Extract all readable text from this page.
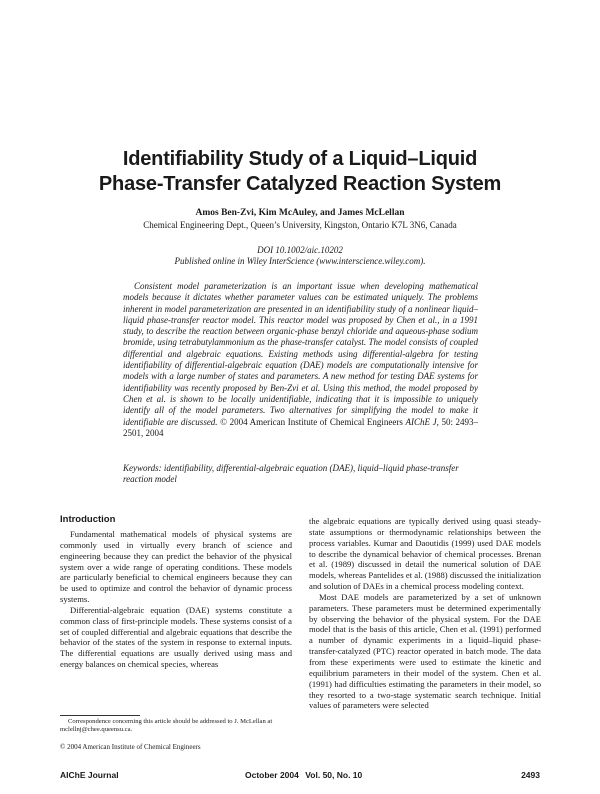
Identifiability Study of a Liquid–Liquid
Phase-Transfer Catalyzed Reaction System
Amos Ben-Zvi, Kim McAuley, and James McLellan
Chemical Engineering Dept., Queen’s University, Kingston, Ontario K7L 3N6, Canada
DOI 10.1002/aic.10202
Published online in Wiley InterScience (www.interscience.wiley.com).

Consistent model parameterization is an important issue when developing mathematical models because it dictates whether parameter values can be estimated uniquely. The problems inherent in model parameterization are presented in an identifiability study of a nonlinear liquid–liquid phase-transfer reactor model. This reactor model was proposed by Chen et al., in a 1991 study, to describe the reaction between organic-phase benzyl chloride and aqueous-phase sodium bromide, using tetrabutylammonium as the phase-transfer catalyst. The model consists of coupled differential and algebraic equations. Existing methods using differential-algebra for testing identifiability of differential-algebraic equation (DAE) models are computationally intensive for models with a large number of states and parameters. A new method for testing DAE systems for identifiability was recently proposed by Ben-Zvi et al. Using this method, the model proposed by Chen et al. is shown to be locally unidentifiable, indicating that it is impossible to uniquely identify all of the model parameters. Two alternatives for simplifying the model to make it identifiable are discussed. © 2004 American Institute of Chemical Engineers AIChE J, 50: 2493–2501, 2004

Keywords: identifiability, differential-algebraic equation (DAE), liquid–liquid phase-transfer reaction model

Introduction

Fundamental mathematical models of physical systems are commonly used in virtually every branch of science and engineering because they can predict the behavior of the physical system over a wide range of operating conditions. These models are particularly beneficial to chemical engineers because they can be used to optimize and control the behavior of dynamic process systems.

Differential-algebraic equation (DAE) systems constitute a common class of first-principle models. These systems consist of a set of coupled differential and algebraic equations that describe the behavior of the states of the system in response to external inputs. The differential equations are usually derived using mass and energy balances on chemical species, whereas

the algebraic equations are typically derived using quasi steady-state assumptions or thermodynamic relationships between the process variables. Kumar and Daoutidis (1999) used DAE models to describe the dynamical behavior of chemical processes. Brenan et al. (1989) discussed in detail the numerical solution of DAE models, whereas Pantelides et al. (1988) discussed the initialization and solution of DAEs in a chemical process modeling context.

Most DAE models are parameterized by a set of unknown parameters. These parameters must be determined experimentally by observing the behavior of the physical system. For the DAE model that is the basis of this article, Chen et al. (1991) performed a number of dynamic experiments in a liquid–liquid phase-transfer-catalyzed (PTC) reactor operated in batch mode. The data from these experiments were used to estimate the kinetic and equilibrium parameters in their model of the system. Chen et al. (1991) had difficulties estimating the parameters in their model, so they resorted to a two-stage systematic search technique. Initial values of parameters were selected

Correspondence concerning this article should be addressed to J. McLellan at mclellnj@chee.queensu.ca.

© 2004 American Institute of Chemical Engineers

AIChE Journal	October 2004 Vol. 50, No. 10	2493
